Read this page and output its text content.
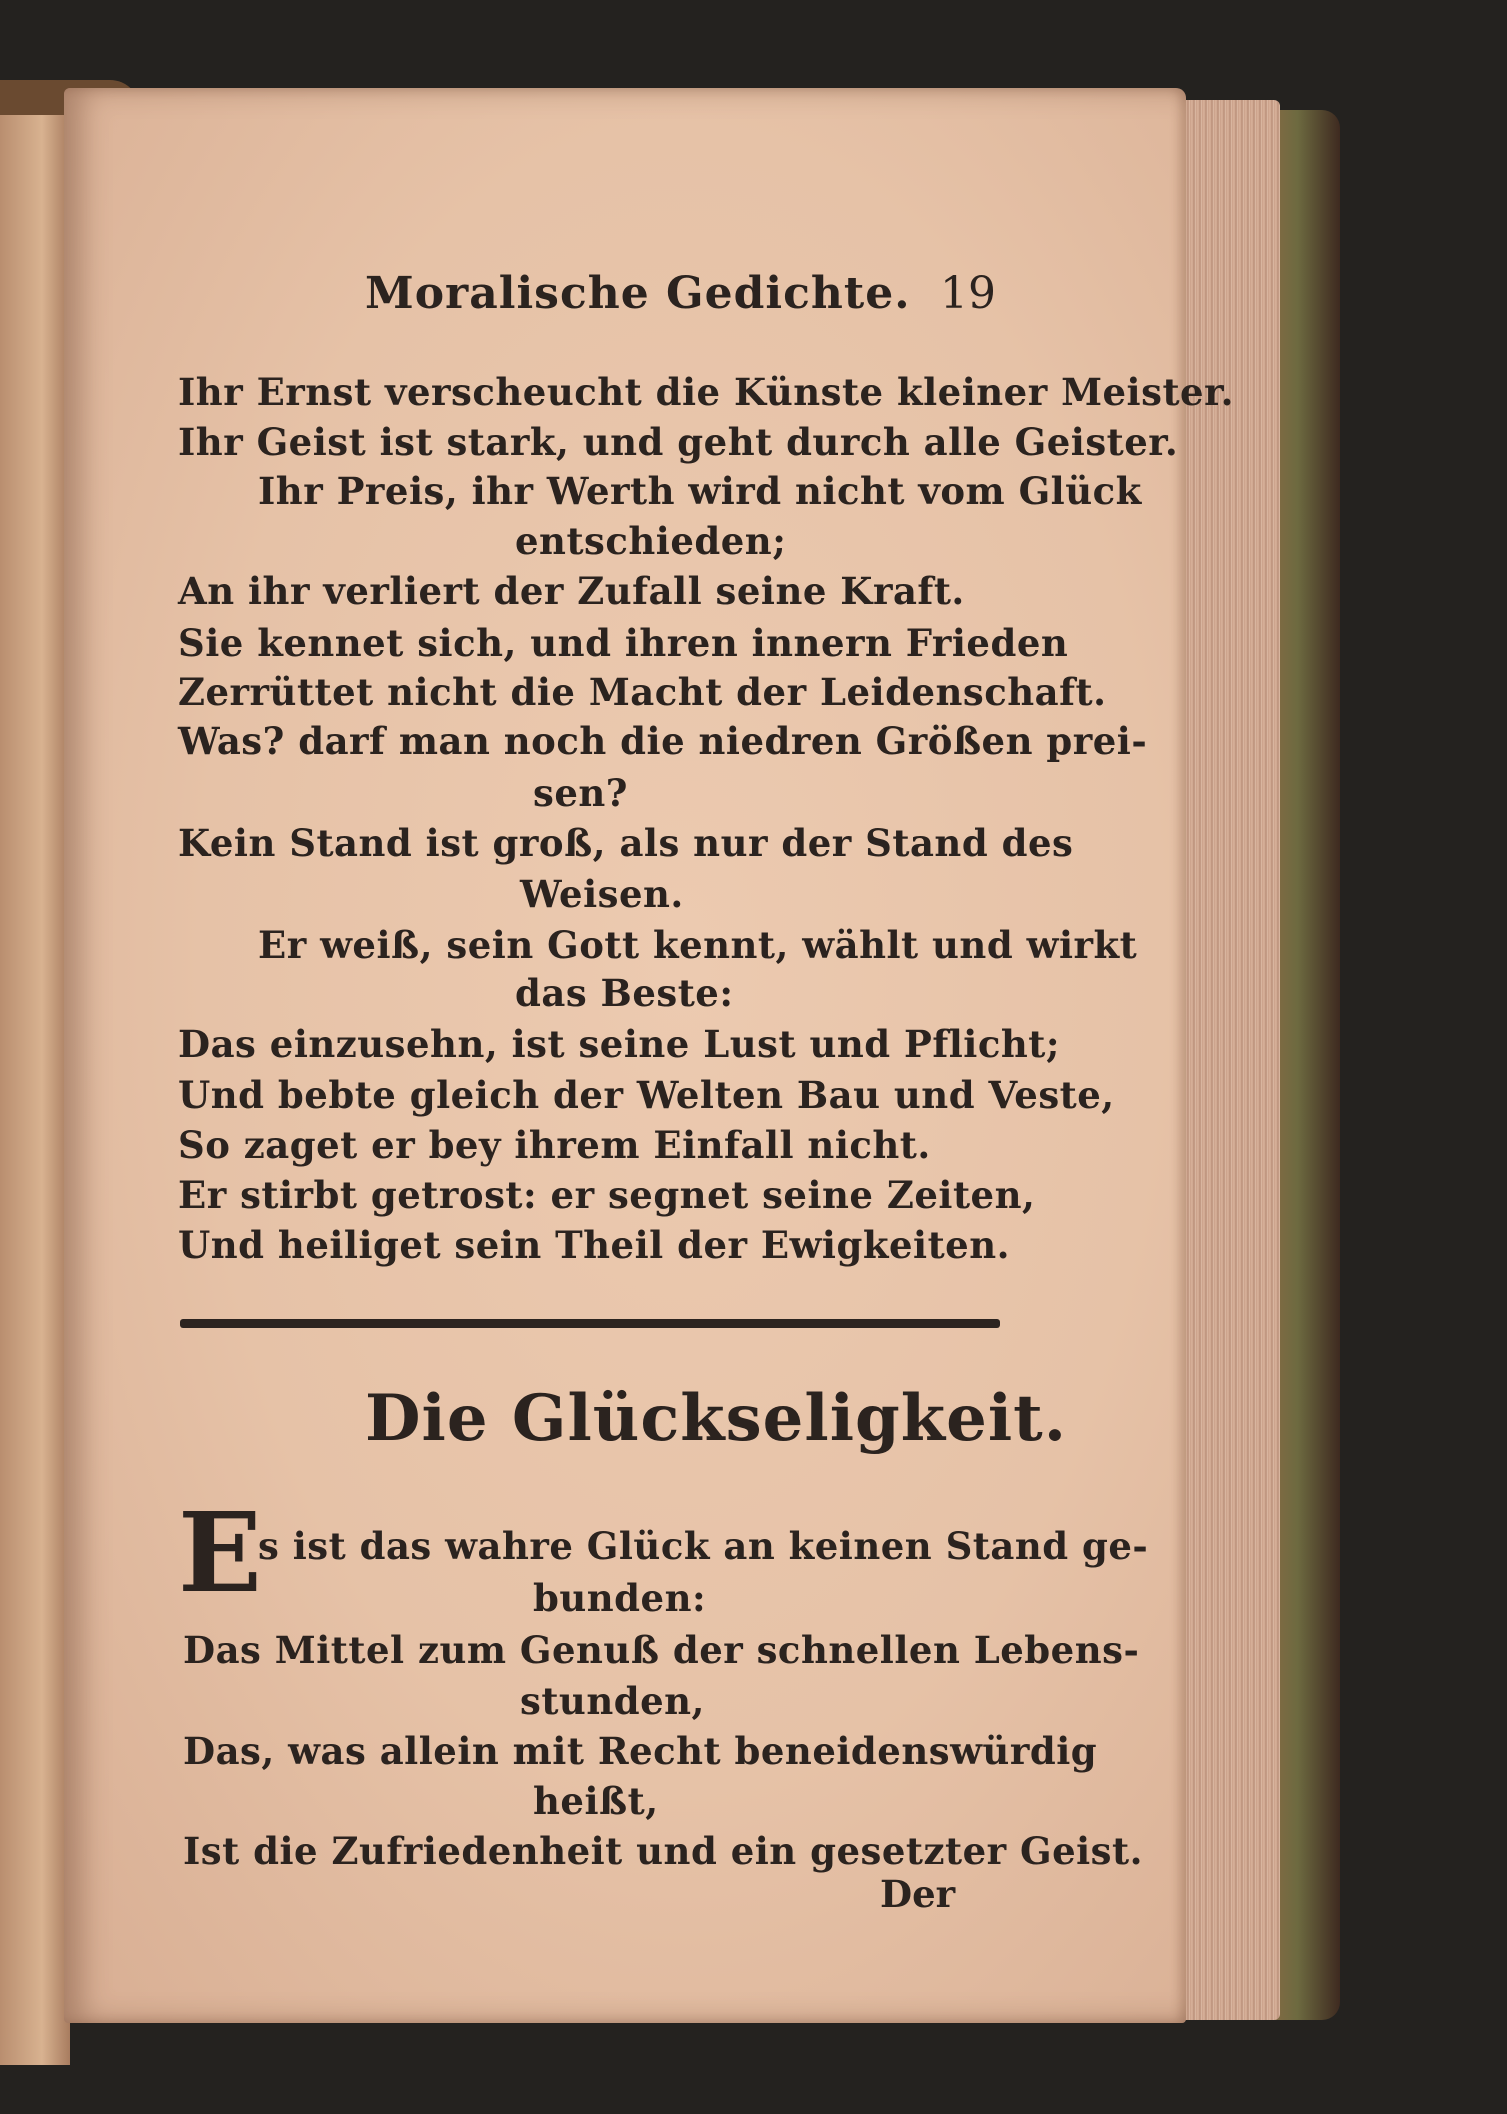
Moralische Gedichte. 19
Ihr Ernst verscheucht die Künste kleiner Meister.
Ihr Geist ist stark, und geht durch alle Geister.
Ihr Preis, ihr Werth wird nicht vom Glück
entschieden;
An ihr verliert der Zufall seine Kraft.
Sie kennet sich, und ihren innern Frieden
Zerrüttet nicht die Macht der Leidenschaft.
Was? darf man noch die niedren Größen prei-
sen?
Kein Stand ist groß, als nur der Stand des
Weisen.
Er weiß, sein Gott kennt, wählt und wirkt
das Beste:
Das einzusehn, ist seine Lust und Pflicht;
Und bebte gleich der Welten Bau und Veste,
So zaget er bey ihrem Einfall nicht.
Er stirbt getrost: er segnet seine Zeiten,
Und heiliget sein Theil der Ewigkeiten.
Die Glückseligkeit.
E
s ist das wahre Glück an keinen Stand ge-
bunden:
Das Mittel zum Genuß der schnellen Lebens-
stunden,
Das, was allein mit Recht beneidenswürdig
heißt,
Ist die Zufriedenheit und ein gesetzter Geist.
Der
